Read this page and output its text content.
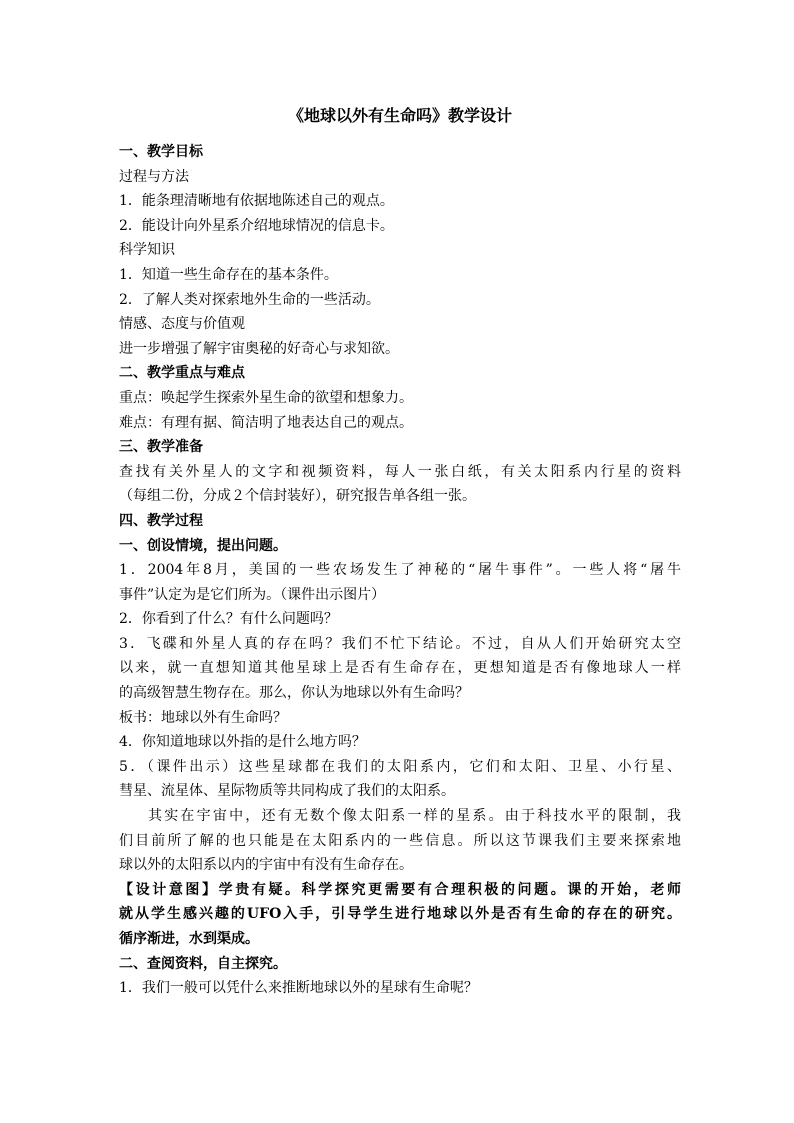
《地球以外有生命吗》教学设计
一、教学目标
过程与方法
1．能条理清晰地有依据地陈述自己的观点。
2．能设计向外星系介绍地球情况的信息卡。
科学知识
1．知道一些生命存在的基本条件。
2．了解人类对探索地外生命的一些活动。
情感、态度与价值观
进一步增强了解宇宙奥秘的好奇心与求知欲。
二、教学重点与难点
重点：唤起学生探索外星生命的欲望和想象力。
难点：有理有据、简洁明了地表达自己的观点。
三、教学准备
查找有关外星人的文字和视频资料，每人一张白纸，有关太阳系内行星的资料
（每组二份，分成２个信封装好），研究报告单各组一张。
四、教学过程
一、创设情境，提出问题。
1．2004年8月，美国的一些农场发生了神秘的“屠牛事件”。一些人将“屠牛
事件”认定为是它们所为。（课件出示图片）
2．你看到了什么？有什么问题吗？
3．飞碟和外星人真的存在吗？我们不忙下结论。不过，自从人们开始研究太空
以来，就一直想知道其他星球上是否有生命存在，更想知道是否有像地球人一样
的高级智慧生物存在。那么，你认为地球以外有生命吗？
板书：地球以外有生命吗？
4．你知道地球以外指的是什么地方吗？
5．（课件出示）这些星球都在我们的太阳系内，它们和太阳、卫星、小行星、
彗星、流星体、星际物质等共同构成了我们的太阳系。
其实在宇宙中，还有无数个像太阳系一样的星系。由于科技水平的限制，我
们目前所了解的也只能是在太阳系内的一些信息。所以这节课我们主要来探索地
球以外的太阳系以内的宇宙中有没有生命存在。
【设计意图】学贵有疑。科学探究更需要有合理积极的问题。课的开始，老师
就从学生感兴趣的UFO入手，引导学生进行地球以外是否有生命的存在的研究。
循序渐进，水到渠成。
二、查阅资料，自主探究。
1．我们一般可以凭什么来推断地球以外的星球有生命呢？
